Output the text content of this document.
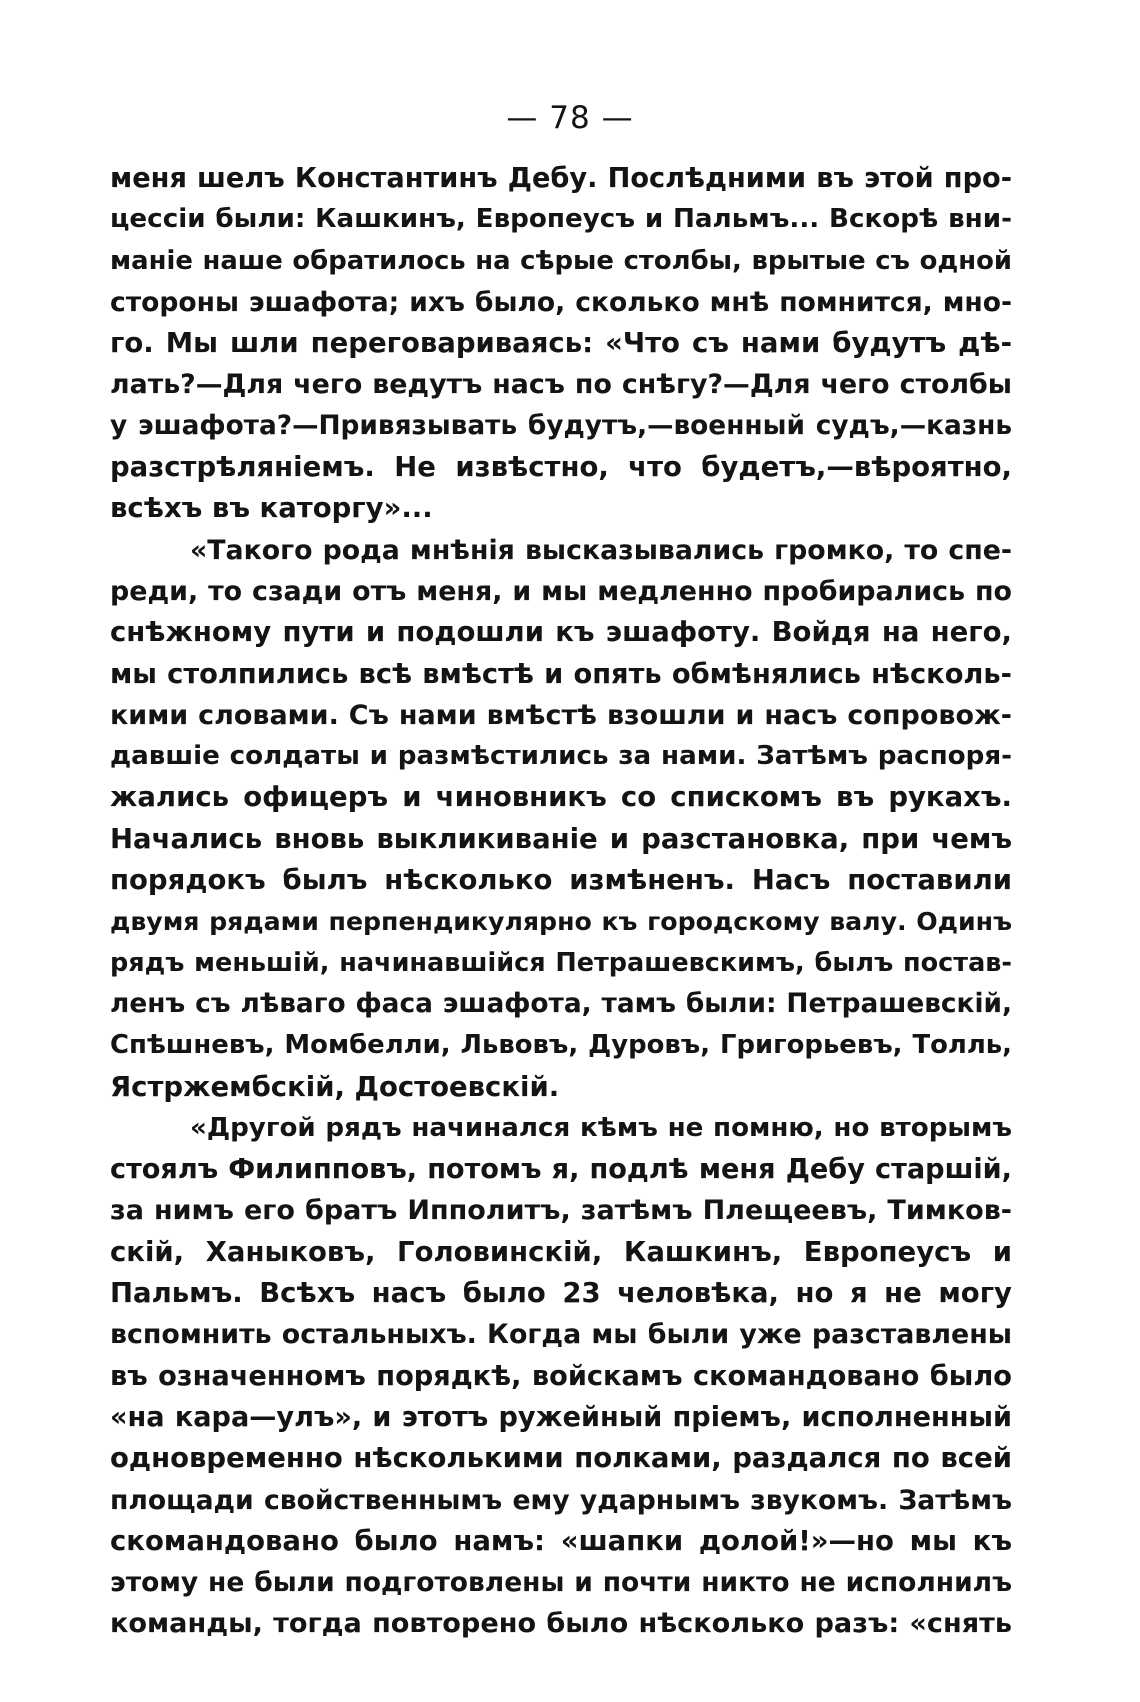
— 78 —
меня шелъ Константинъ Дебу. Послѣдними въ этой про-
цессіи были: Кашкинъ, Европеусъ и Пальмъ... Вскорѣ вни-
маніе наше обратилось на сѣрые столбы, врытые съ одной
стороны эшафота; ихъ было, сколько мнѣ помнится, мно-
го. Мы шли переговариваясь: «Что съ нами будутъ дѣ-
лать?—Для чего ведутъ насъ по снѣгу?—Для чего столбы
у эшафота?—Привязывать будутъ,—военный судъ,—казнь
разстрѣляніемъ. Не извѣстно, что будетъ,—вѣроятно,
всѣхъ въ каторгу»...
«Такого рода мнѣнія высказывались громко, то спе-
реди, то сзади отъ меня, и мы медленно пробирались по
снѣжному пути и подошли къ эшафоту. Войдя на него,
мы столпились всѣ вмѣстѣ и опять обмѣнялись нѣсколь-
кими словами. Съ нами вмѣстѣ взошли и насъ сопровож-
давшіе солдаты и размѣстились за нами. Затѣмъ распоря-
жались офицеръ и чиновникъ со спискомъ въ рукахъ.
Начались вновь выкликиваніе и разстановка, при чемъ
порядокъ былъ нѣсколько измѣненъ. Насъ поставили
двумя рядами перпендикулярно къ городскому валу. Одинъ
рядъ меньшій, начинавшійся Петрашевскимъ, былъ постав-
ленъ съ лѣваго фаса эшафота, тамъ были: Петрашевскій,
Спѣшневъ, Момбелли, Львовъ, Дуровъ, Григорьевъ, Толль,
Ястржембскій, Достоевскій.
«Другой рядъ начинался кѣмъ не помню, но вторымъ
стоялъ Филипповъ, потомъ я, подлѣ меня Дебу старшій,
за нимъ его братъ Ипполитъ, затѣмъ Плещеевъ, Тимков-
скій, Ханыковъ, Головинскій, Кашкинъ, Европеусъ и
Пальмъ. Всѣхъ насъ было 23 человѣка, но я не могу
вспомнить остальныхъ. Когда мы были уже разставлены
въ означенномъ порядкѣ, войскамъ скомандовано было
«на кара—улъ», и этотъ ружейный пріемъ, исполненный
одновременно нѣсколькими полками, раздался по всей
площади свойственнымъ ему ударнымъ звукомъ. Затѣмъ
скомандовано было намъ: «шапки долой!»—но мы къ
этому не были подготовлены и почти никто не исполнилъ
команды, тогда повторено было нѣсколько разъ: «снять
